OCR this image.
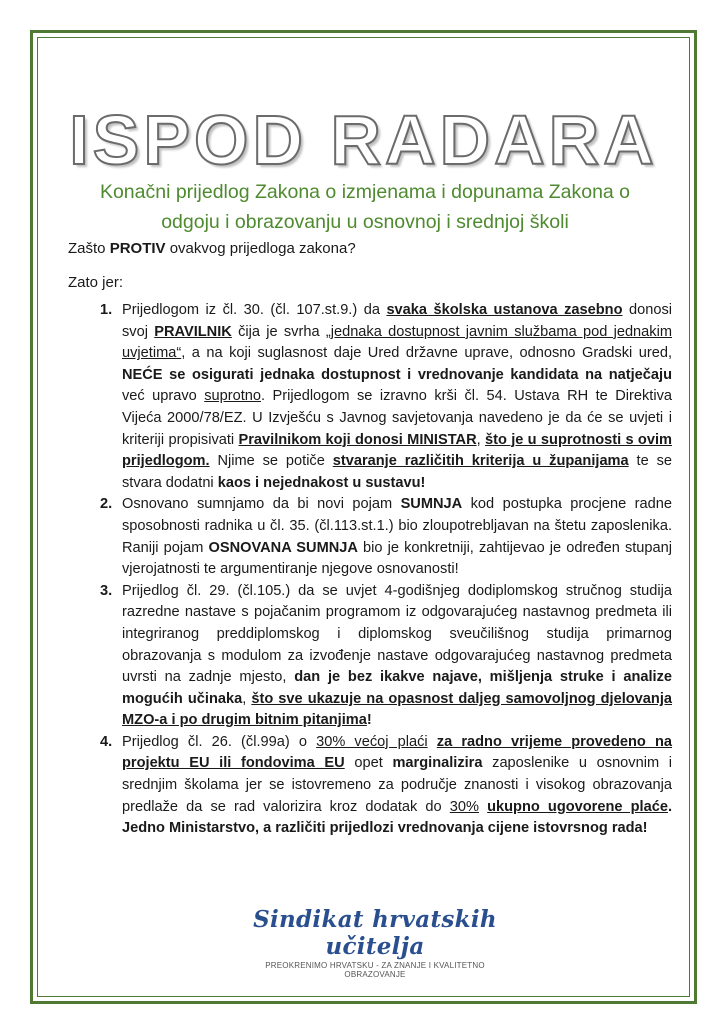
ISPOD RADARA
Konačni prijedlog Zakona o izmjenama i dopunama Zakona o odgoju i obrazovanju u osnovnoj i srednjoj školi

Zašto PROTIV ovakvog prijedloga zakona?

Zato jer:

1. Prijedlogom iz čl. 30. (čl. 107.st.9.) da svaka školska ustanova zasebno donosi svoj PRAVILNIK čija je svrha „jednaka dostupnost javnim službama pod jednakim uvjetima“, a na koji suglasnost daje Ured državne uprave, odnosno Gradski ured, NEĆE se osigurati jednaka dostupnost i vrednovanje kandidata na natječaju već upravo suprotno. Prijedlogom se izravno krši čl. 54. Ustava RH te Direktiva Vijeća 2000/78/EZ. U Izvješću s Javnog savjetovanja navedeno je da će se uvjeti i kriteriji propisivati Pravilnikom koji donosi MINISTAR, što je u suprotnosti s ovim prijedlogom. Njime se potiče stvaranje različitih kriterija u županijama te se stvara dodatni kaos i nejednakost u sustavu!
2. Osnovano sumnjamo da bi novi pojam SUMNJA kod postupka procjene radne sposobnosti radnika u čl. 35. (čl.113.st.1.) bio zloupotrebljavan na štetu zaposlenika. Raniji pojam OSNOVANA SUMNJA bio je konkretniji, zahtijevao je određen stupanj vjerojatnosti te argumentiranje njegove osnovanosti!
3. Prijedlog čl. 29. (čl.105.) da se uvjet 4-godišnjeg dodiplomskog stručnog studija razredne nastave s pojačanim programom iz odgovarajućeg nastavnog predmeta ili integriranog preddiplomskog i diplomskog sveučilišnog studija primarnog obrazovanja s modulom za izvođenje nastave odgovarajućeg nastavnog predmeta uvrsti na zadnje mjesto, dan je bez ikakve najave, mišljenja struke i analize mogućih učinaka, što sve ukazuje na opasnost daljeg samovoljnog djelovanja MZO-a i po drugim bitnim pitanjima!
4. Prijedlog čl. 26. (čl.99a) o 30% većoj plaći za radno vrijeme provedeno na projektu EU ili fondovima EU opet marginalizira zaposlenike u osnovnim i srednjim školama jer se istovremeno za područje znanosti i visokog obrazovanja predlaže da se rad valorizira kroz dodatak do 30% ukupno ugovorene plaće. Jedno Ministarstvo, a različiti prijedlozi vrednovanja cijene istovrsnog rada!
Sindikat hrvatskih učitelja
PREOKRENIMO HRVATSKU - ZA ZNANJE I KVALITETNO OBRAZOVANJE
